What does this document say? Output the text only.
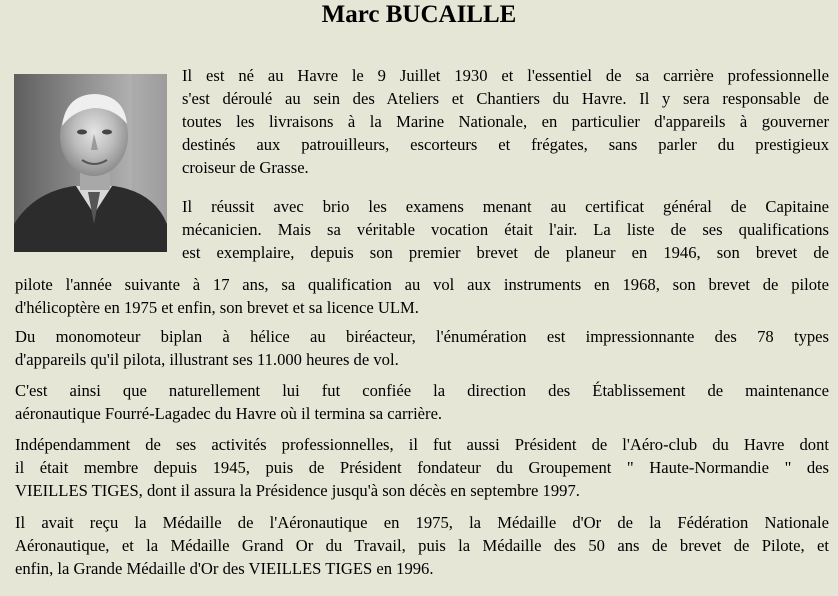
Marc BUCAILLE
Il est né au Havre le 9 Juillet 1930 et l'essentiel de sa carrière professionnelle
s'est déroulé au sein des Ateliers et Chantiers du Havre. Il y sera responsable de
toutes les livraisons à la Marine Nationale, en particulier d'appareils à gouverner
destinés aux patrouilleurs, escorteurs et frégates, sans parler du prestigieux
croiseur de Grasse.
Il réussit avec brio les examens menant au certificat général de Capitaine
mécanicien. Mais sa véritable vocation était l'air. La liste de ses qualifications
est exemplaire, depuis son premier brevet de planeur en 1946, son brevet de
pilote l'année suivante à 17 ans, sa qualification au vol aux instruments en 1968, son brevet de pilote
d'hélicoptère en 1975 et enfin, son brevet et sa licence ULM.
Du monomoteur biplan à hélice au biréacteur, l'énumération est impressionnante des 78 types
d'appareils qu'il pilota, illustrant ses 11.000 heures de vol.
C'est ainsi que naturellement lui fut confiée la direction des Établissement de maintenance
aéronautique Fourré-Lagadec du Havre où il termina sa carrière.
Indépendamment de ses activités professionnelles, il fut aussi Président de l'Aéro-club du Havre dont
il était membre depuis 1945, puis de Président fondateur du Groupement " Haute-Normandie " des
VIEILLES TIGES, dont il assura la Présidence jusqu'à son décès en septembre 1997.
Il avait reçu la Médaille de l'Aéronautique en 1975, la Médaille d'Or de la Fédération Nationale
Aéronautique, et la Médaille Grand Or du Travail, puis la Médaille des 50 ans de brevet de Pilote, et
enfin, la Grande Médaille d'Or des VIEILLES TIGES en 1996.
